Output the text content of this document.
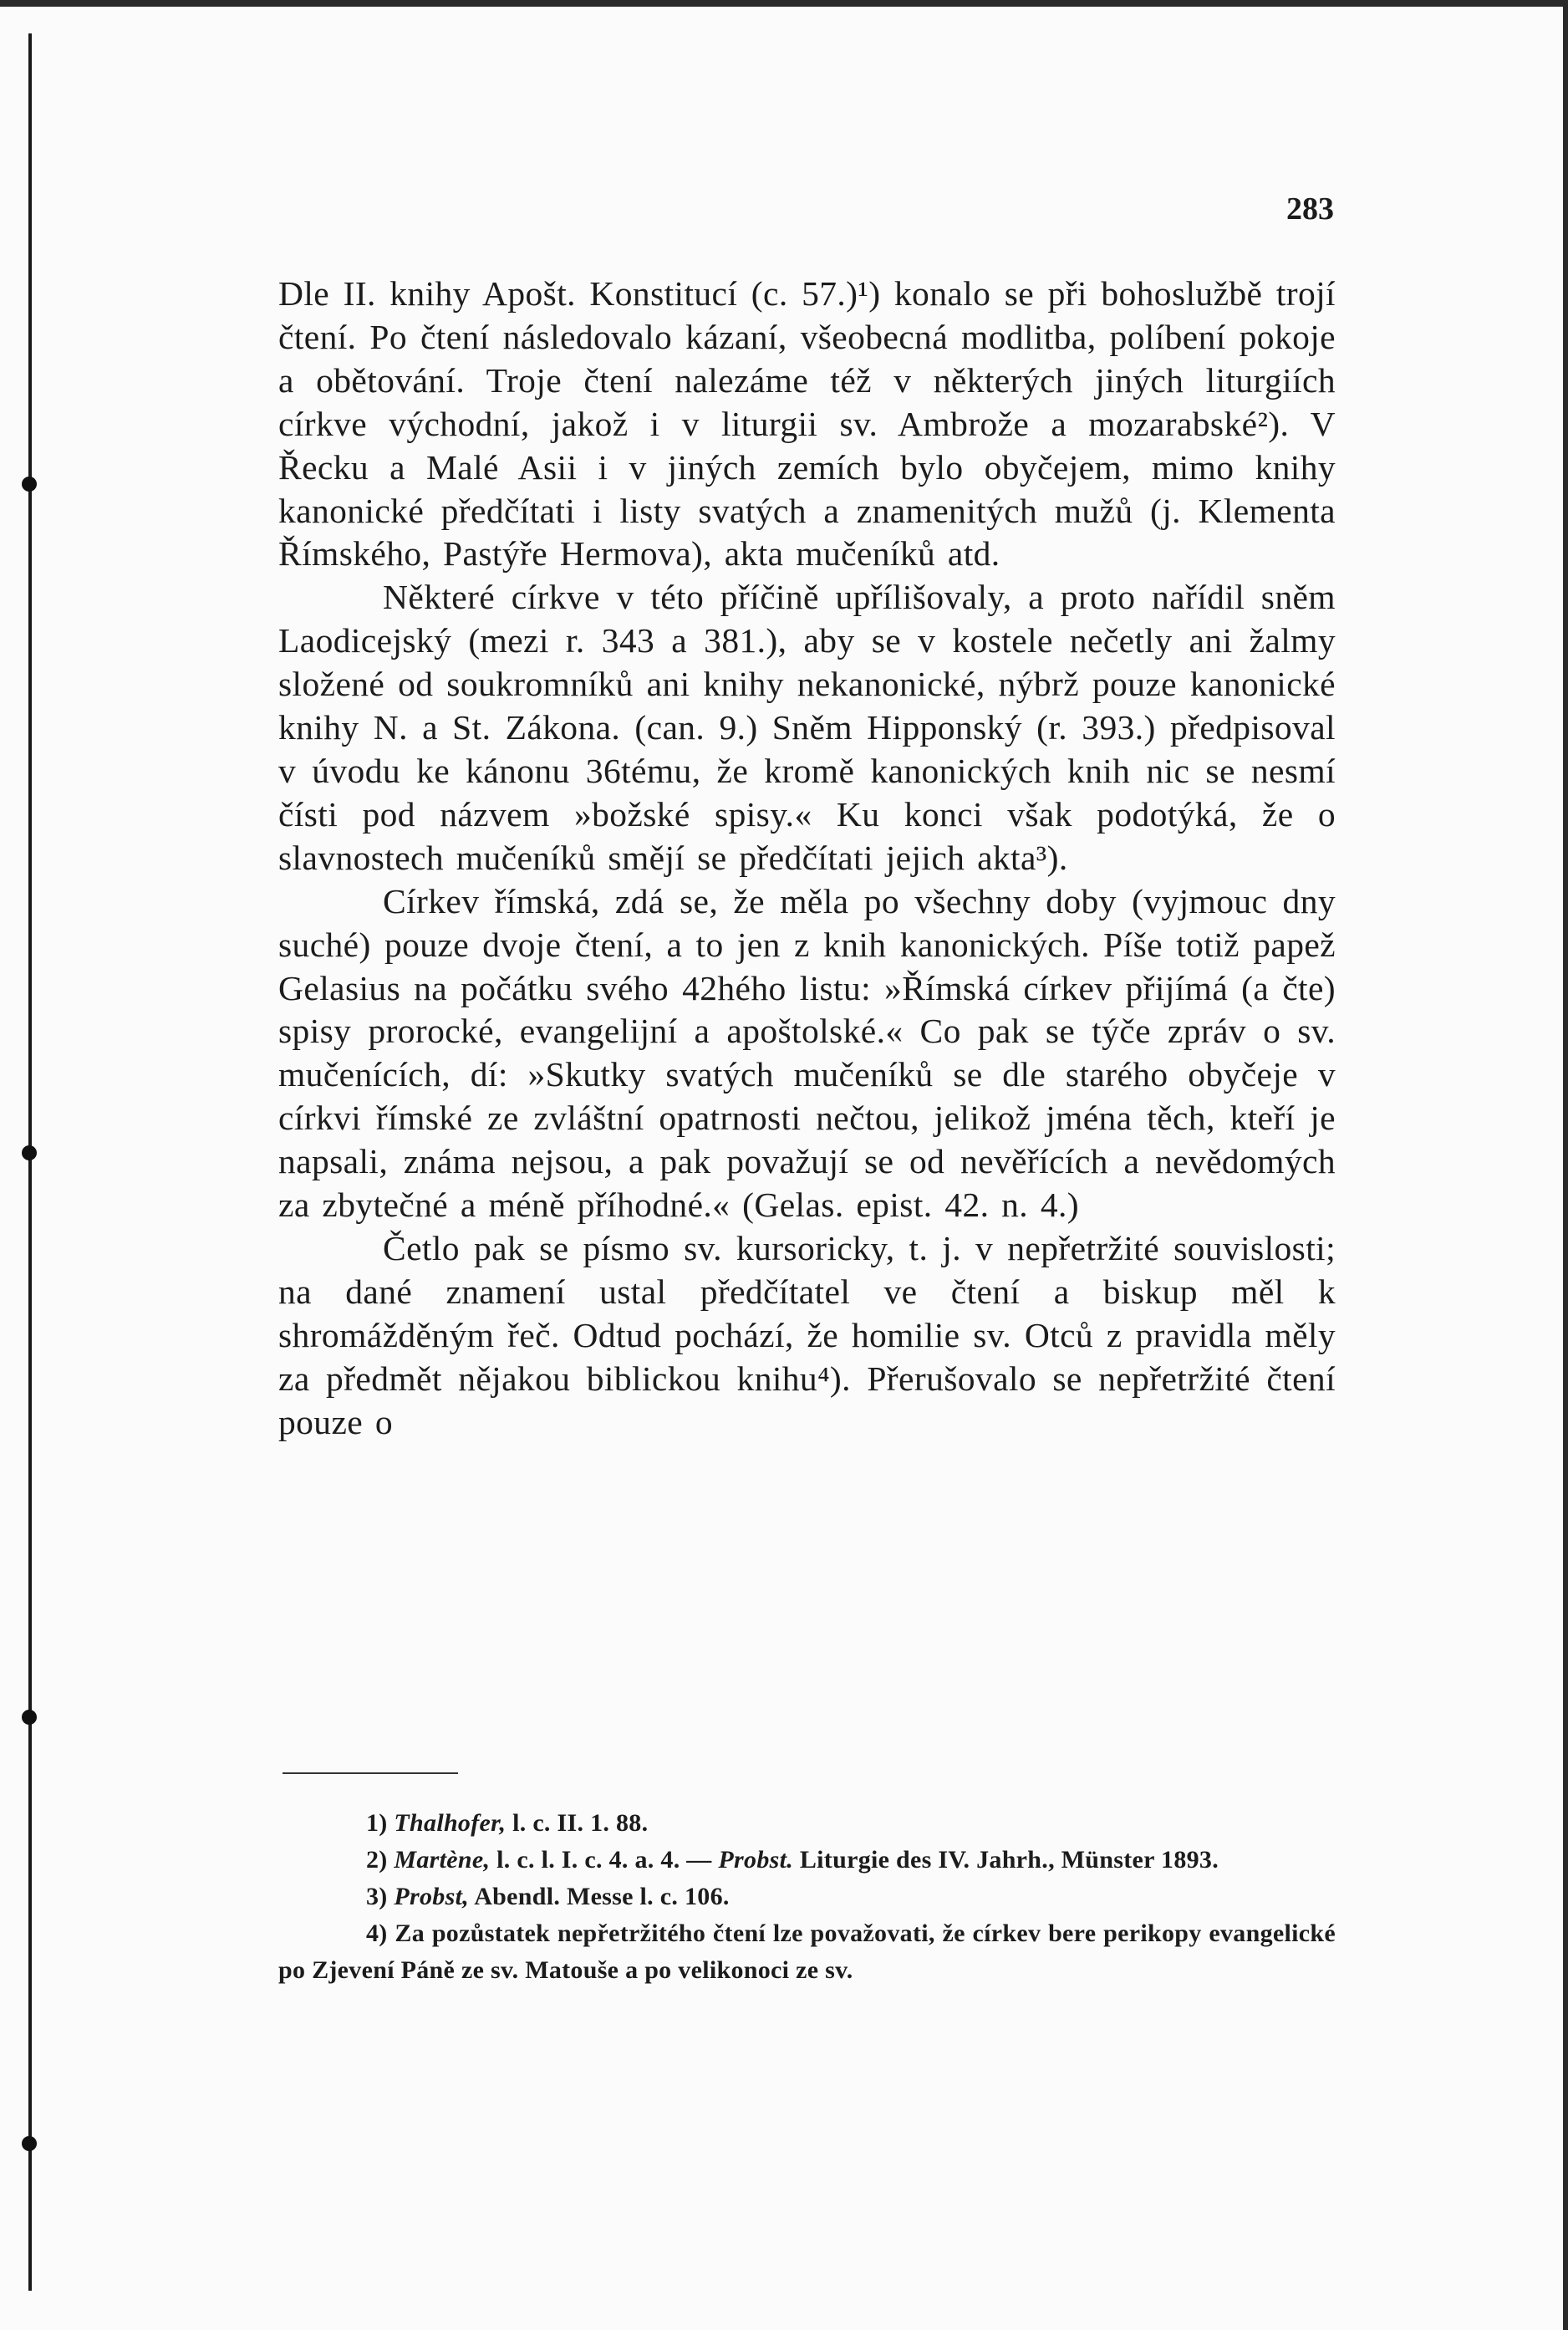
283

Dle II. knihy Apošt. Konstitucí (c. 57.)¹) konalo se při bohoslužbě trojí čtení. Po čtení následovalo kázaní, všeobecná modlitba, políbení pokoje a obětování. Troje čtení nalezáme též v některých jiných liturgiích církve východní, jakož i v liturgii sv. Ambrože a mozarabské²). V Řecku a Malé Asii i v jiných zemích bylo obyčejem, mimo knihy kanonické předčítati i listy svatých a znamenitých mužů (j. Klementa Římského, Pastýře Hermova), akta mučeníků atd.

Některé církve v této příčině upřílišovaly, a proto nařídil sněm Laodicejský (mezi r. 343 a 381.), aby se v kostele nečetly ani žalmy složené od soukromníků ani knihy nekanonické, nýbrž pouze kanonické knihy N. a St. Zákona. (can. 9.) Sněm Hipponský (r. 393.) předpisoval v úvodu ke kánonu 36tému, že kromě kanonických knih nic se nesmí čísti pod názvem »božské spisy.« Ku konci však podotýká, že o slavnostech mučeníků smějí se předčítati jejich akta³).

Církev římská, zdá se, že měla po všechny doby (vyjmouc dny suché) pouze dvoje čtení, a to jen z knih kanonických. Píše totiž papež Gelasius na počátku svého 42hého listu: »Římská církev přijímá (a čte) spisy prorocké, evangelijní a apoštolské.« Co pak se týče zpráv o sv. mučenících, dí: »Skutky svatých mučeníků se dle starého obyčeje v církvi římské ze zvláštní opatrnosti nečtou, jelikož jména těch, kteří je napsali, známa nejsou, a pak považují se od nevěřících a nevědomých za zbytečné a méně příhodné.« (Gelas. epist. 42. n. 4.)

Četlo pak se písmo sv. kursoricky, t. j. v nepřetržité souvislosti; na dané znamení ustal předčítatel ve čtení a biskup měl k shromážděným řeč. Odtud pochází, že homilie sv. Otců z pravidla měly za předmět nějakou biblickou knihu⁴). Přerušovalo se nepřetržité čtení pouze o

1) Thalhofer, l. c. II. 1. 88.

2) Martène, l. c. l. I. c. 4. a. 4. — Probst. Liturgie des IV. Jahrh., Münster 1893.

3) Probst, Abendl. Messe l. c. 106.

4) Za pozůstatek nepřetržitého čtení lze považovati, že církev bere perikopy evangelické po Zjevení Páně ze sv. Matouše a po velikonoci ze sv.
